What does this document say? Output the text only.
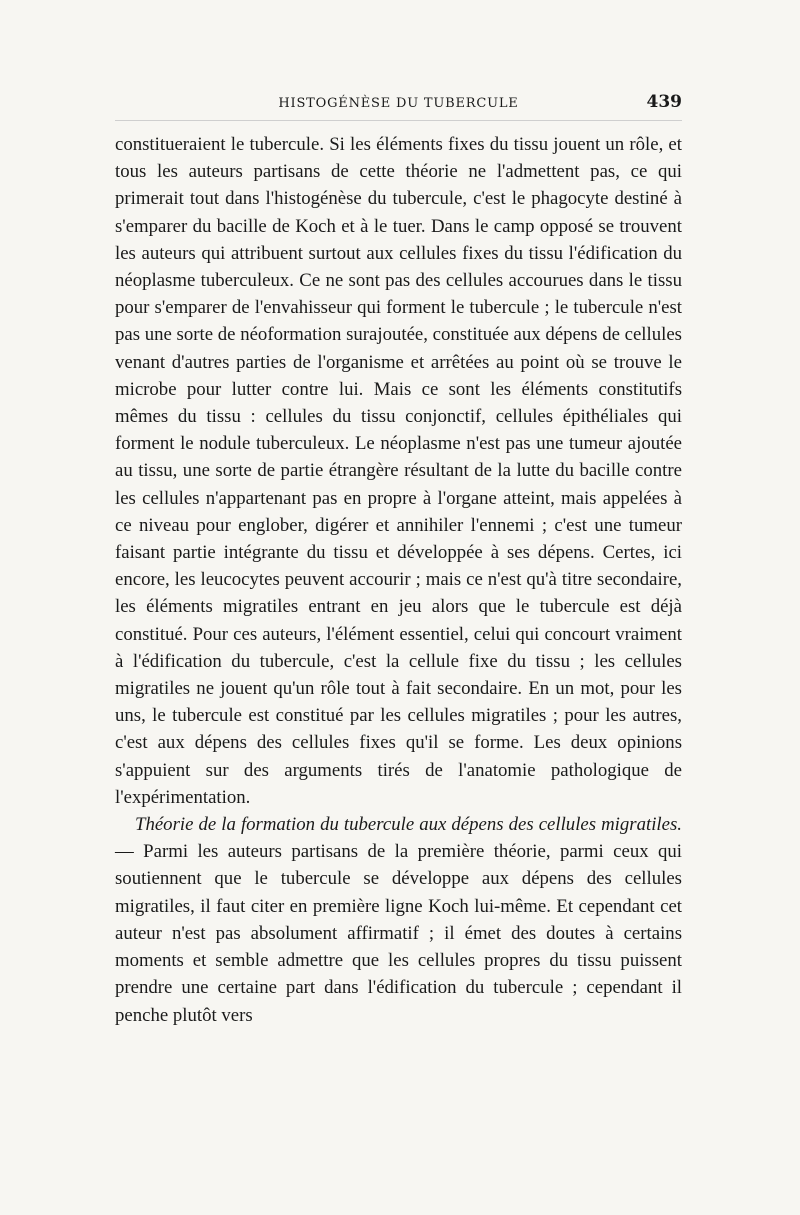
HISTOGÉNÈSE DU TUBERCULE	439

constitueraient le tubercule. Si les éléments fixes du tissu jouent un rôle, et tous les auteurs partisans de cette théorie ne l'admettent pas, ce qui primerait tout dans l'histogénèse du tubercule, c'est le phagocyte destiné à s'emparer du bacille de Koch et à le tuer. Dans le camp opposé se trouvent les auteurs qui attribuent surtout aux cellules fixes du tissu l'édification du néoplasme tuberculeux. Ce ne sont pas des cellules accourues dans le tissu pour s'emparer de l'envahisseur qui forment le tubercule ; le tubercule n'est pas une sorte de néoformation surajoutée, constituée aux dépens de cellules venant d'autres parties de l'organisme et arrêtées au point où se trouve le microbe pour lutter contre lui. Mais ce sont les éléments constitutifs mêmes du tissu : cellules du tissu conjonctif, cellules épithéliales qui forment le nodule tuberculeux. Le néoplasme n'est pas une tumeur ajoutée au tissu, une sorte de partie étrangère résultant de la lutte du bacille contre les cellules n'appartenant pas en propre à l'organe atteint, mais appelées à ce niveau pour englober, digérer et annihiler l'ennemi ; c'est une tumeur faisant partie intégrante du tissu et développée à ses dépens. Certes, ici encore, les leucocytes peuvent accourir ; mais ce n'est qu'à titre secondaire, les éléments migratiles entrant en jeu alors que le tubercule est déjà constitué. Pour ces auteurs, l'élément essentiel, celui qui concourt vraiment à l'édification du tubercule, c'est la cellule fixe du tissu ; les cellules migratiles ne jouent qu'un rôle tout à fait secondaire. En un mot, pour les uns, le tubercule est constitué par les cellules migratiles ; pour les autres, c'est aux dépens des cellules fixes qu'il se forme. Les deux opinions s'appuient sur des arguments tirés de l'anatomie pathologique de l'expérimentation.

Théorie de la formation du tubercule aux dépens des cellules migratiles. — Parmi les auteurs partisans de la première théorie, parmi ceux qui soutiennent que le tubercule se développe aux dépens des cellules migratiles, il faut citer en première ligne Koch lui-même. Et cependant cet auteur n'est pas absolument affirmatif ; il émet des doutes à certains moments et semble admettre que les cellules propres du tissu puissent prendre une certaine part dans l'édification du tubercule ; cependant il penche plutôt vers
